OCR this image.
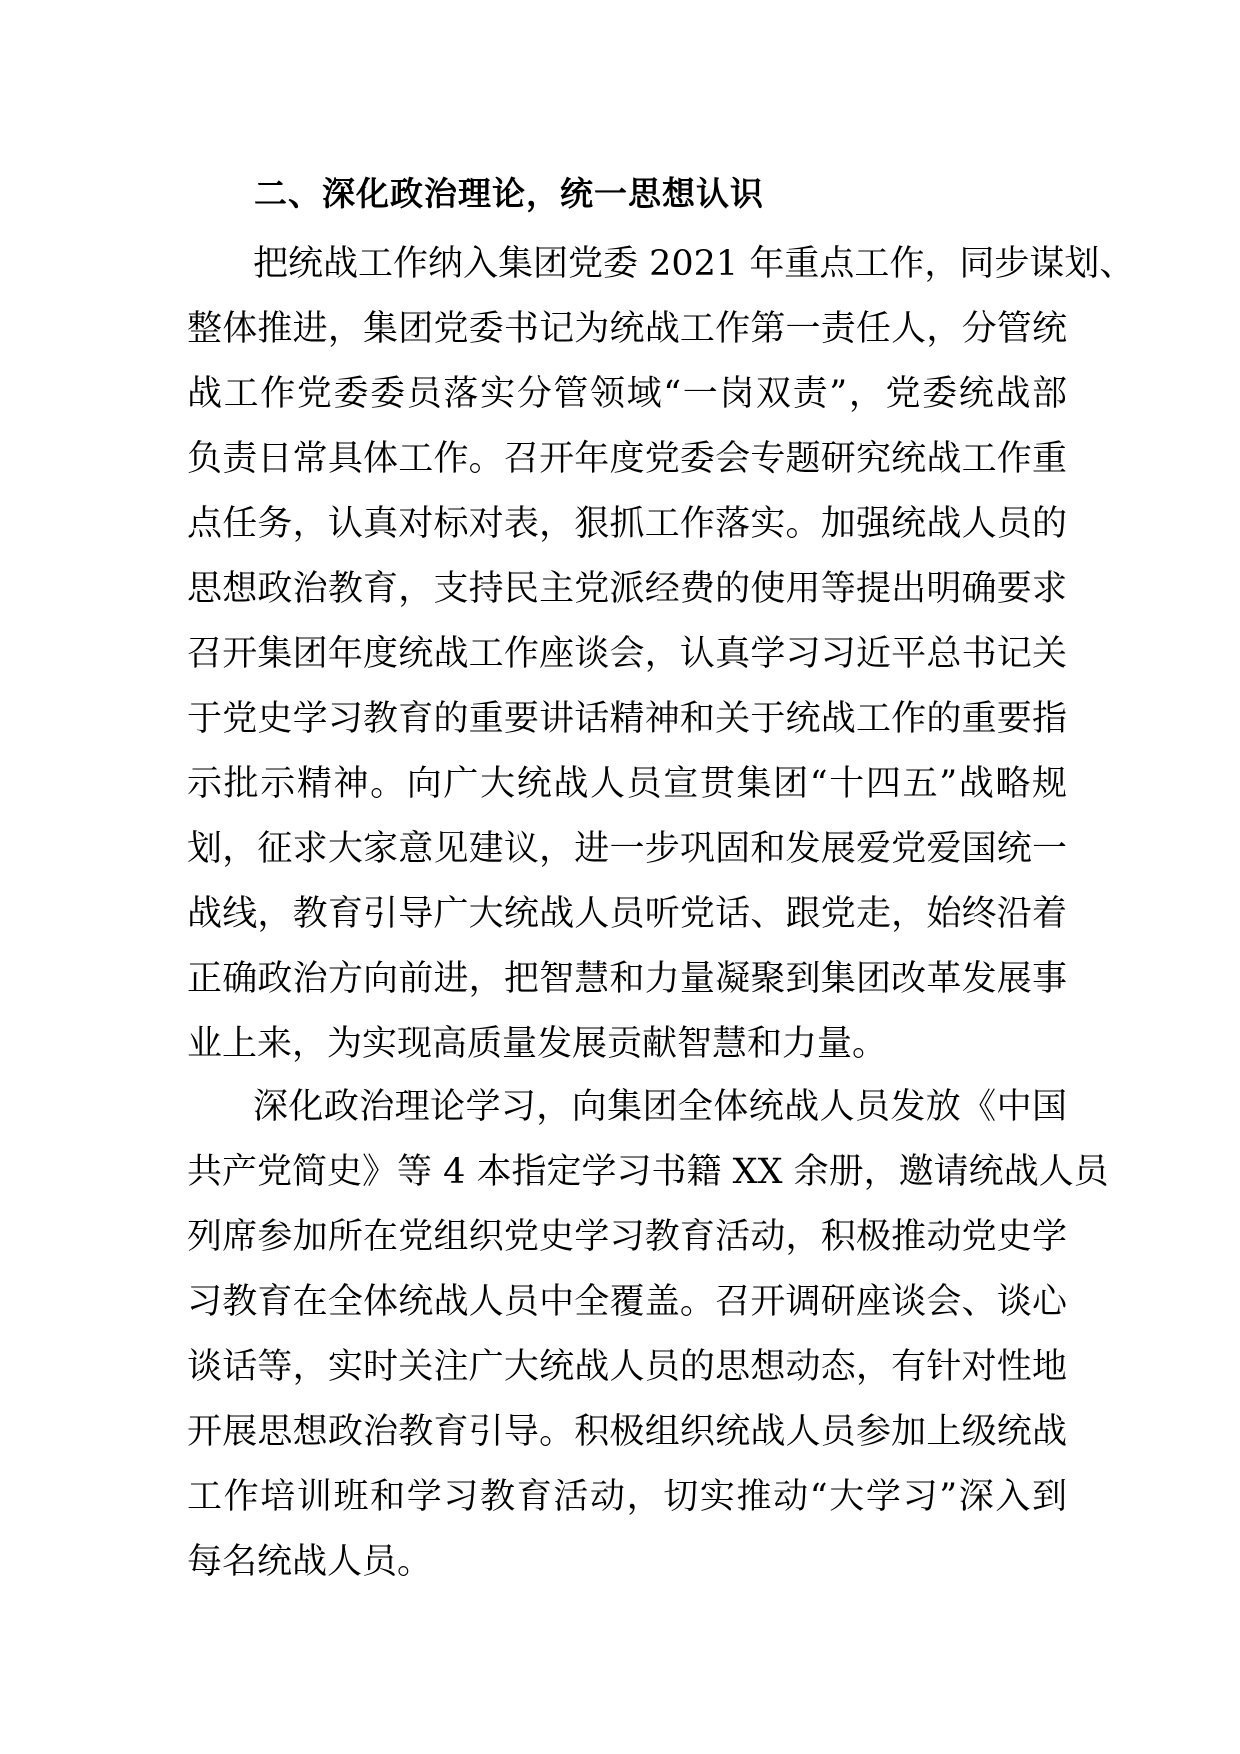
二、深化政治理论，统一思想认识
把统战工作纳入集团党委 2021 年重点工作，同步谋划、
整体推进，集团党委书记为统战工作第一责任人，分管统
战工作党委委员落实分管领域“一岗双责”，党委统战部
负责日常具体工作。召开年度党委会专题研究统战工作重
点任务，认真对标对表，狠抓工作落实。加强统战人员的
思想政治教育，支持民主党派经费的使用等提出明确要求
召开集团年度统战工作座谈会，认真学习习近平总书记关
于党史学习教育的重要讲话精神和关于统战工作的重要指
示批示精神。向广大统战人员宣贯集团“十四五”战略规
划，征求大家意见建议，进一步巩固和发展爱党爱国统一
战线，教育引导广大统战人员听党话、跟党走，始终沿着
正确政治方向前进，把智慧和力量凝聚到集团改革发展事
业上来，为实现高质量发展贡献智慧和力量。
深化政治理论学习，向集团全体统战人员发放《中国
共产党简史》等 4 本指定学习书籍 XX 余册，邀请统战人员
列席参加所在党组织党史学习教育活动，积极推动党史学
习教育在全体统战人员中全覆盖。召开调研座谈会、谈心
谈话等，实时关注广大统战人员的思想动态，有针对性地
开展思想政治教育引导。积极组织统战人员参加上级统战
工作培训班和学习教育活动，切实推动“大学习”深入到
每名统战人员。
